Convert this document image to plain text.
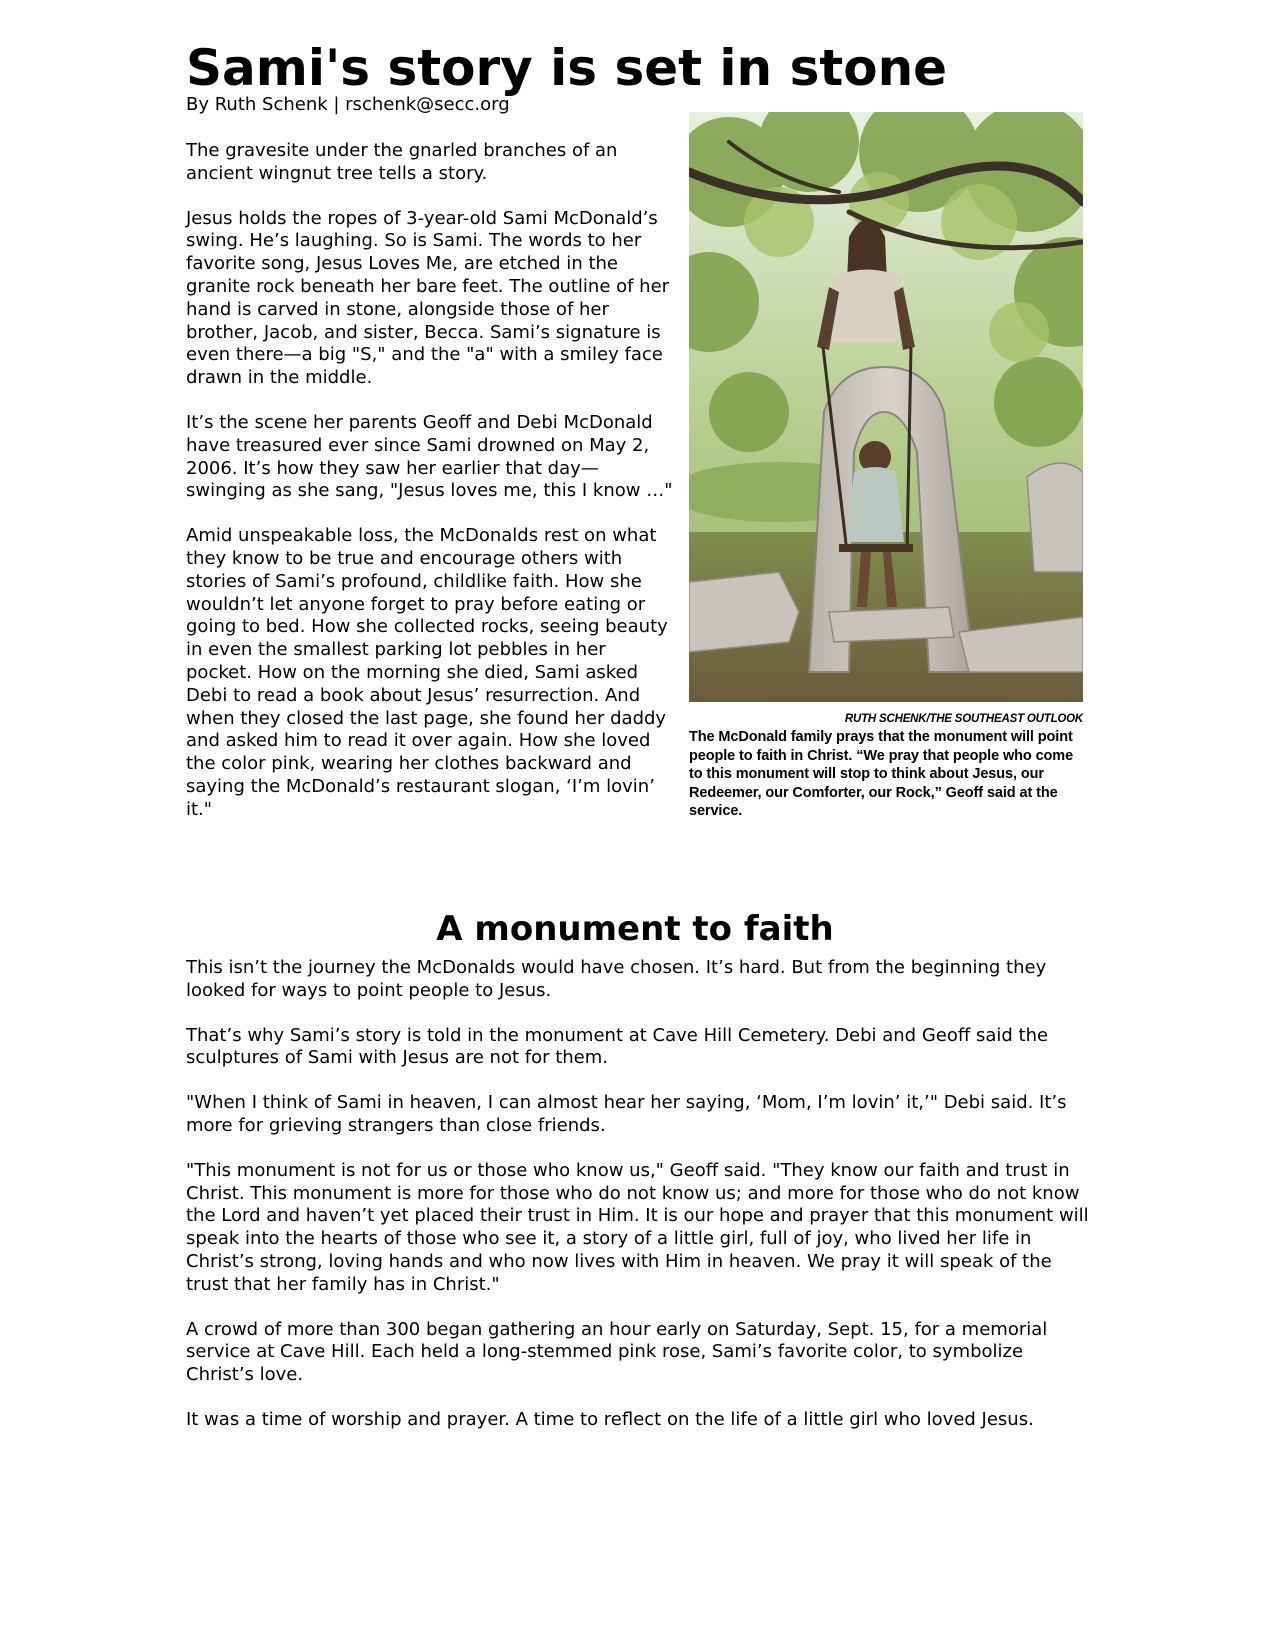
Sami's story is set in stone
By Ruth Schenk | rschenk@secc.org

The gravesite under the gnarled branches of an ancient wingnut tree tells a story.

Jesus holds the ropes of 3-year-old Sami McDonald’s swing. He’s laughing. So is Sami. The words to her favorite song, Jesus Loves Me, are etched in the granite rock beneath her bare feet. The outline of her hand is carved in stone, alongside those of her brother, Jacob, and sister, Becca. Sami’s signature is even there—a big "S," and the "a" with a smiley face drawn in the middle.

It’s the scene her parents Geoff and Debi McDonald have treasured ever since Sami drowned on May 2, 2006. It’s how they saw her earlier that day—swinging as she sang, "Jesus loves me, this I know …"

Amid unspeakable loss, the McDonalds rest on what they know to be true and encourage others with stories of Sami’s profound, childlike faith. How she wouldn’t let anyone forget to pray before eating or going to bed. How she collected rocks, seeing beauty in even the smallest parking lot pebbles in her pocket. How on the morning she died, Sami asked Debi to read a book about Jesus’ resurrection. And when they closed the last page, she found her daddy and asked him to read it over again. How she loved the color pink, wearing her clothes backward and saying the McDonald’s restaurant slogan, ‘I’m lovin’ it."

RUTH SCHENK/THE SOUTHEAST OUTLOOK
The McDonald family prays that the monument will point people to faith in Christ. “We pray that people who come to this monument will stop to think about Jesus, our Redeemer, our Comforter, our Rock,” Geoff said at the service.
A monument to faith

This isn’t the journey the McDonalds would have chosen. It’s hard. But from the beginning they looked for ways to point people to Jesus.

That’s why Sami’s story is told in the monument at Cave Hill Cemetery. Debi and Geoff said the sculptures of Sami with Jesus are not for them.

"When I think of Sami in heaven, I can almost hear her saying, ‘Mom, I’m lovin’ it,’" Debi said. It’s more for grieving strangers than close friends.

"This monument is not for us or those who know us," Geoff said. "They know our faith and trust in Christ. This monument is more for those who do not know us; and more for those who do not know the Lord and haven’t yet placed their trust in Him. It is our hope and prayer that this monument will speak into the hearts of those who see it, a story of a little girl, full of joy, who lived her life in Christ’s strong, loving hands and who now lives with Him in heaven. We pray it will speak of the trust that her family has in Christ."

A crowd of more than 300 began gathering an hour early on Saturday, Sept. 15, for a memorial service at Cave Hill. Each held a long-stemmed pink rose, Sami’s favorite color, to symbolize Christ’s love.

It was a time of worship and prayer. A time to reflect on the life of a little girl who loved Jesus.
